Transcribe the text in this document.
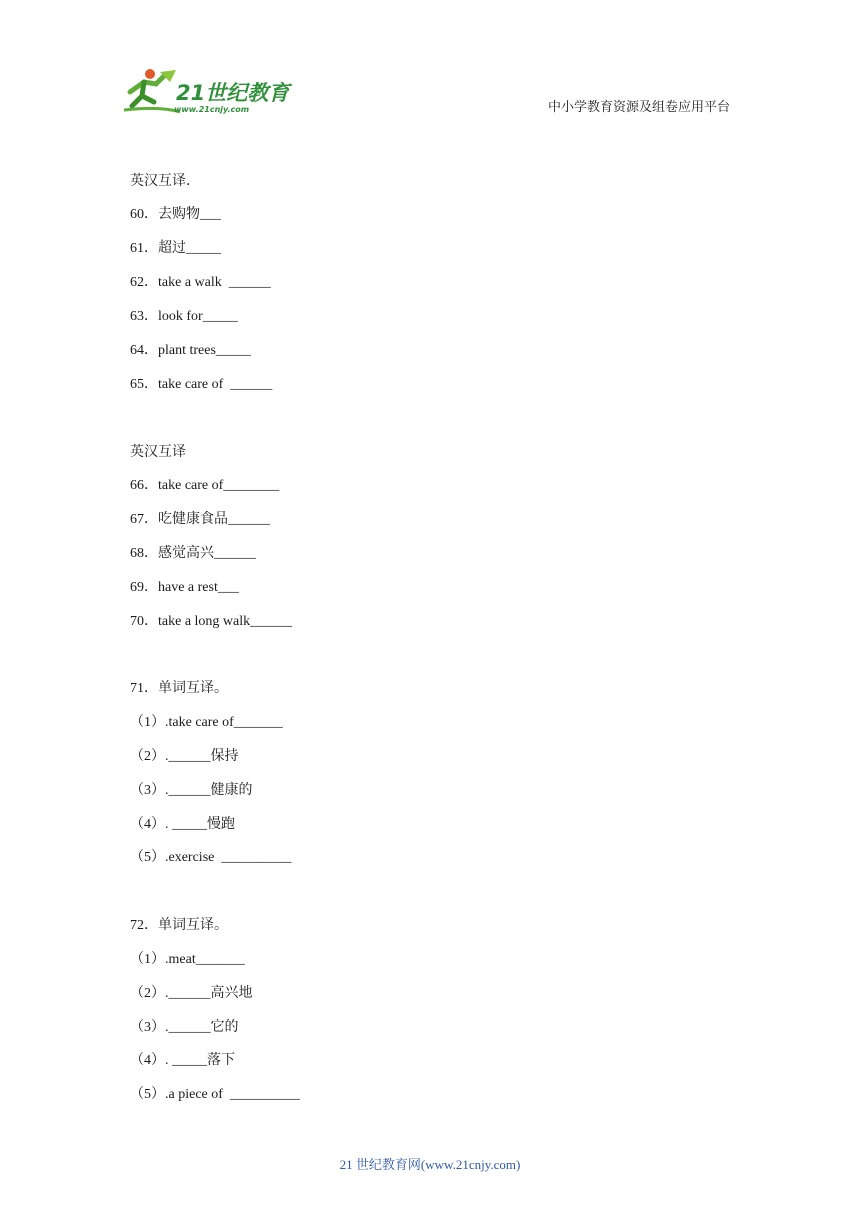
21世纪教育
www.21cnjy.com	中小学教育资源及组卷应用平台
英汉互译.
60．去购物___
61．超过_____
62．take a walk  ______
63．look for_____
64．plant trees_____
65．take care of  ______
英汉互译
66．take care of________
67．吃健康食品______
68．感觉高兴______
69．have a rest___
70．take a long walk______
71．单词互译。
（1）.take care of_______
（2）.______保持
（3）.______健康的
（4）. _____慢跑
（5）.exercise  __________
72．单词互译。
（1）.meat_______
（2）.______高兴地
（3）.______它的
（4）. _____落下
（5）.a piece of  __________
21 世纪教育网(www.21cnjy.com)
